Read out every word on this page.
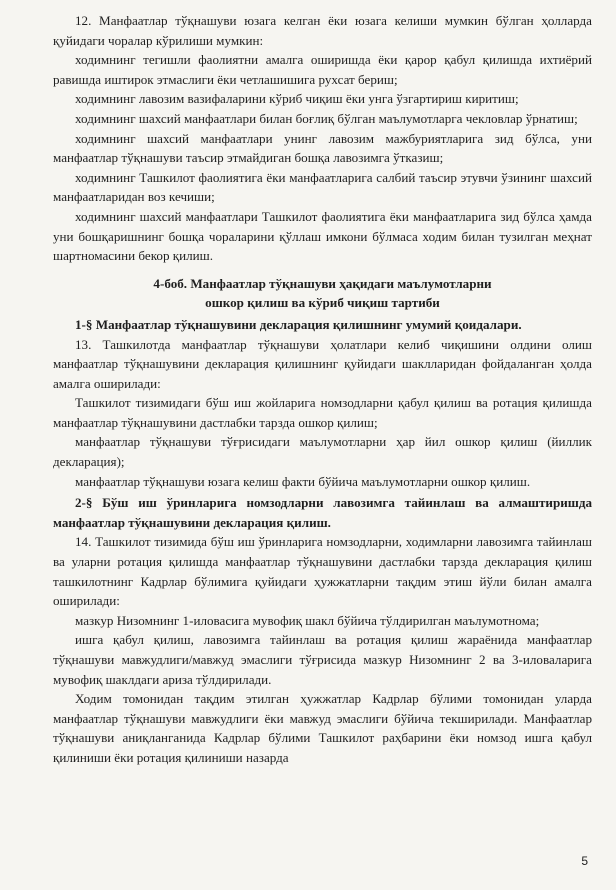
12. Манфаатлар тўқнашуви юзага келган ёки юзага келиши мумкин бўлган ҳолларда қуйидаги чоралар кўрилиши мумкин:

ходимнинг тегишли фаолиятни амалга оширишда ёки қарор қабул қилишда ихтиёрий равишда иштирок этмаслиги ёки четлашишига рухсат бериш;

ходимнинг лавозим вазифаларини кўриб чиқиш ёки унга ўзгартириш киритиш;

ходимнинг шахсий манфаатлари билан боғлиқ бўлган маълумотларга чекловлар ўрнатиш;

ходимнинг шахсий манфаатлари унинг лавозим мажбуриятларига зид бўлса, уни манфаатлар тўқнашуви таъсир этмайдиган бошқа лавозимга ўтказиш;

ходимнинг Ташкилот фаолиятига ёки манфаатларига салбий таъсир этувчи ўзининг шахсий манфаатларидан воз кечиши;

ходимнинг шахсий манфаатлари Ташкилот фаолиятига ёки манфаатларига зид бўлса ҳамда уни бошқаришнинг бошқа чораларини қўллаш имкони бўлмаса ходим билан тузилган меҳнат шартномасини бекор қилиш.

4-боб. Манфаатлар тўқнашуви ҳақидаги маълумотларни
ошкор қилиш ва кўриб чиқиш тартиби

1-§ Манфаатлар тўқнашувини декларация қилишнинг умумий қоидалари.

13. Ташкилотда манфаатлар тўқнашуви ҳолатлари келиб чиқишини олдини олиш манфаатлар тўқнашувини декларация қилишнинг қуйидаги шаклларидан фойдаланган ҳолда амалга оширилади:

Ташкилот тизимидаги бўш иш жойларига номзодларни қабул қилиш ва ротация қилишда манфаатлар тўқнашувини дастлабки тарзда ошкор қилиш;

манфаатлар тўқнашуви тўғрисидаги маълумотларни ҳар йил ошкор қилиш (йиллик декларация);

манфаатлар тўқнашуви юзага келиш факти бўйича маълумотларни ошкор қилиш.

2-§ Бўш иш ўринларига номзодларни лавозимга тайинлаш ва алмаштиришда манфаатлар тўқнашувини декларация қилиш.

14. Ташкилот тизимида бўш иш ўринларига номзодларни, ходимларни лавозимга тайинлаш ва уларни ротация қилишда манфаатлар тўқнашувини дастлабки тарзда декларация қилиш ташкилотнинг Кадрлар бўлимига қуйидаги ҳужжатларни тақдим этиш йўли билан амалга оширилади:

мазкур Низомнинг 1-иловасига мувофиқ шакл бўйича тўлдирилган маълумотнома;

ишга қабул қилиш, лавозимга тайинлаш ва ротация қилиш жараёнида манфаатлар тўқнашуви мавжудлиги/мавжуд эмаслиги тўғрисида мазкур Низомнинг 2 ва 3-иловаларига мувофиқ шаклдаги ариза тўлдирилади.

Ходим томонидан тақдим этилган ҳужжатлар Кадрлар бўлими томонидан уларда манфаатлар тўқнашуви мавжудлиги ёки мавжуд эмаслиги бўйича текширилади. Манфаатлар тўқнашуви аниқланганида Кадрлар бўлими Ташкилот раҳбарини ёки номзод ишга қабул қилиниши ёки ротация қилиниши назарда

5
